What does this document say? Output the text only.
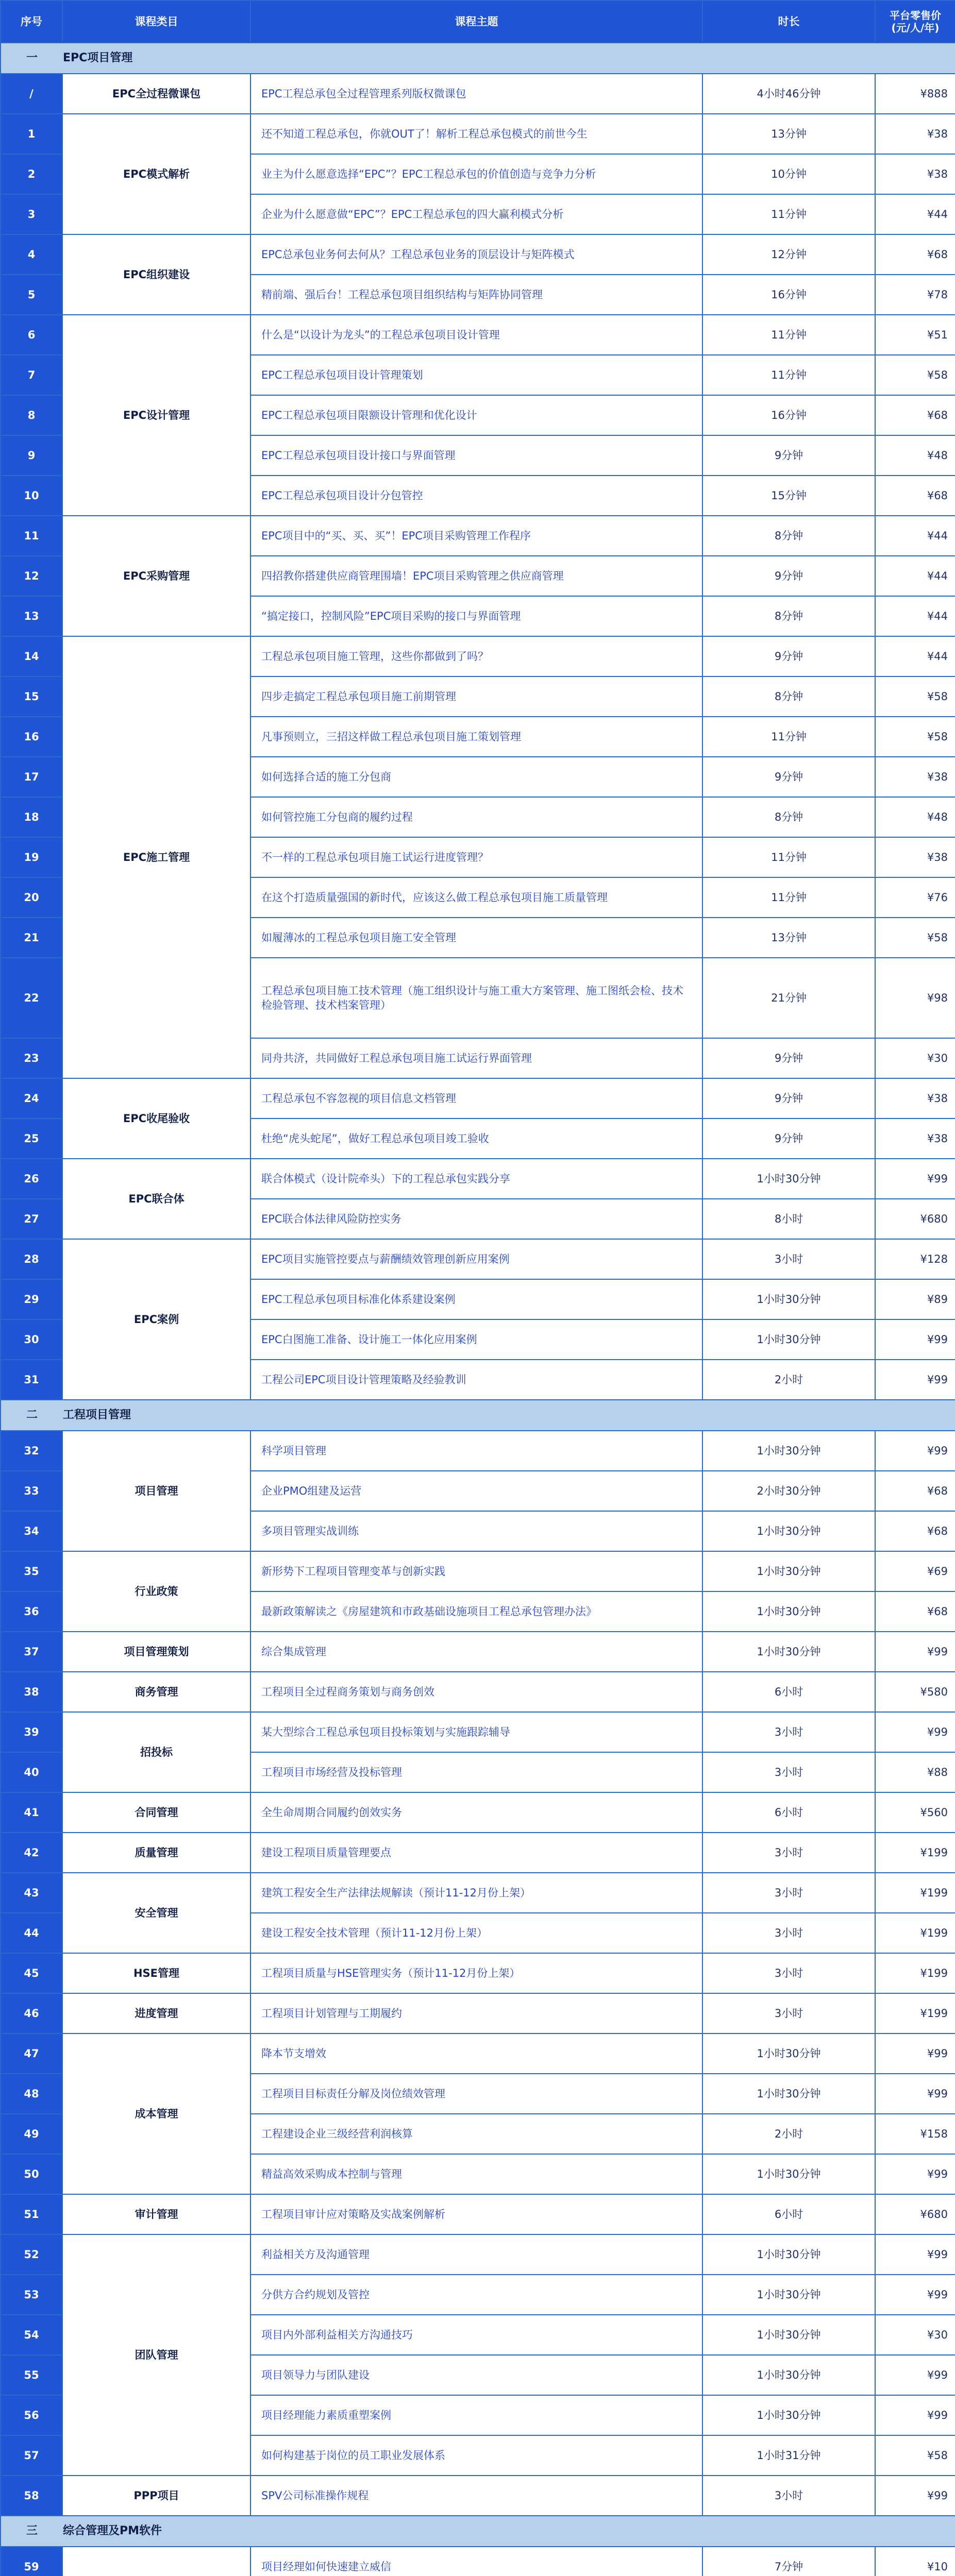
序号	课程类目	课程主题	时长	平台零售价
(元/人/年)

一 EPC项目管理				
/	EPC全过程微课包	EPC工程总承包全过程管理系列版权微课包	4小时46分钟	¥888
1	EPC模式解析	还不知道工程总承包，你就OUT了！解析工程总承包模式的前世今生	13分钟	¥38
2		业主为什么愿意选择“EPC”？EPC工程总承包的价值创造与竞争力分析	10分钟	¥38
3		企业为什么愿意做“EPC”？EPC工程总承包的四大赢利模式分析	11分钟	¥44
4	EPC组织建设	EPC总承包业务何去何从？工程总承包业务的顶层设计与矩阵模式	12分钟	¥68
5		精前端、强后台！工程总承包项目组织结构与矩阵协同管理	16分钟	¥78
6	EPC设计管理	什么是“以设计为龙头”的工程总承包项目设计管理	11分钟	¥51
7		EPC工程总承包项目设计管理策划	11分钟	¥58
8		EPC工程总承包项目限额设计管理和优化设计	16分钟	¥68
9		EPC工程总承包项目设计接口与界面管理	9分钟	¥48
10		EPC工程总承包项目设计分包管控	15分钟	¥68
11	EPC采购管理	EPC项目中的“买、买、买”！EPC项目采购管理工作程序	8分钟	¥44
12		四招教你搭建供应商管理围墙！EPC项目采购管理之供应商管理	9分钟	¥44
13		“搞定接口，控制风险”EPC项目采购的接口与界面管理	8分钟	¥44
14	EPC施工管理	工程总承包项目施工管理，这些你都做到了吗？	9分钟	¥44
15		四步走搞定工程总承包项目施工前期管理	8分钟	¥58
16		凡事预则立，三招这样做工程总承包项目施工策划管理	11分钟	¥58
17		如何选择合适的施工分包商	9分钟	¥38
18		如何管控施工分包商的履约过程	8分钟	¥48
19		不一样的工程总承包项目施工试运行进度管理？	11分钟	¥38
20		在这个打造质量强国的新时代，应该这么做工程总承包项目施工质量管理	11分钟	¥76
21		如履薄冰的工程总承包项目施工安全管理	13分钟	¥58
22		工程总承包项目施工技术管理（施工组织设计与施工重大方案管理、施工图纸会检、技术检验管理、技术档案管理）	21分钟	¥98
23		同舟共济，共同做好工程总承包项目施工试运行界面管理	9分钟	¥30
24	EPC收尾验收	工程总承包不容忽视的项目信息文档管理	9分钟	¥38
25		杜绝“虎头蛇尾”，做好工程总承包项目竣工验收	9分钟	¥38
26	EPC联合体	联合体模式（设计院牵头）下的工程总承包实践分享	1小时30分钟	¥99
27		EPC联合体法律风险防控实务	8小时	¥680
28	EPC案例	EPC项目实施管控要点与薪酬绩效管理创新应用案例	3小时	¥128
29		EPC工程总承包项目标准化体系建设案例	1小时30分钟	¥89
30		EPC白图施工准备、设计施工一体化应用案例	1小时30分钟	¥99
31		工程公司EPC项目设计管理策略及经验教训	2小时	¥99
二 工程项目管理				
32	项目管理	科学项目管理	1小时30分钟	¥99
33		企业PMO组建及运营	2小时30分钟	¥68
34		多项目管理实战训练	1小时30分钟	¥68
35	行业政策	新形势下工程项目管理变革与创新实践	1小时30分钟	¥69
36		最新政策解读之《房屋建筑和市政基础设施项目工程总承包管理办法》	1小时30分钟	¥68
37	项目管理策划	综合集成管理	1小时30分钟	¥99
38	商务管理	工程项目全过程商务策划与商务创效	6小时	¥580
39	招投标	某大型综合工程总承包项目投标策划与实施跟踪辅导	3小时	¥99
40		工程项目市场经营及投标管理	3小时	¥88
41	合同管理	全生命周期合同履约创效实务	6小时	¥560
42	质量管理	建设工程项目质量管理要点	3小时	¥199
43	安全管理	建筑工程安全生产法律法规解读（预计11-12月份上架）	3小时	¥199
44		建设工程安全技术管理（预计11-12月份上架）	3小时	¥199
45	HSE管理	工程项目质量与HSE管理实务（预计11-12月份上架）	3小时	¥199
46	进度管理	工程项目计划管理与工期履约	3小时	¥199
47	成本管理	降本节支增效	1小时30分钟	¥99
48		工程项目目标责任分解及岗位绩效管理	1小时30分钟	¥99
49		工程建设企业三级经营利润核算	2小时	¥158
50		精益高效采购成本控制与管理	1小时30分钟	¥99
51	审计管理	工程项目审计应对策略及实战案例解析	6小时	¥680
52	团队管理	利益相关方及沟通管理	1小时30分钟	¥99
53		分供方合约规划及管控	1小时30分钟	¥99
54		项目内外部利益相关方沟通技巧	1小时30分钟	¥30
55		项目领导力与团队建设	1小时30分钟	¥99
56		项目经理能力素质重塑案例	1小时30分钟	¥99
57		如何构建基于岗位的员工职业发展体系	1小时31分钟	¥58
58	PPP项目	SPV公司标准操作规程	3小时	¥99
三 综合管理及PM软件				
59		项目经理如何快速建立威信	7分钟	¥10
